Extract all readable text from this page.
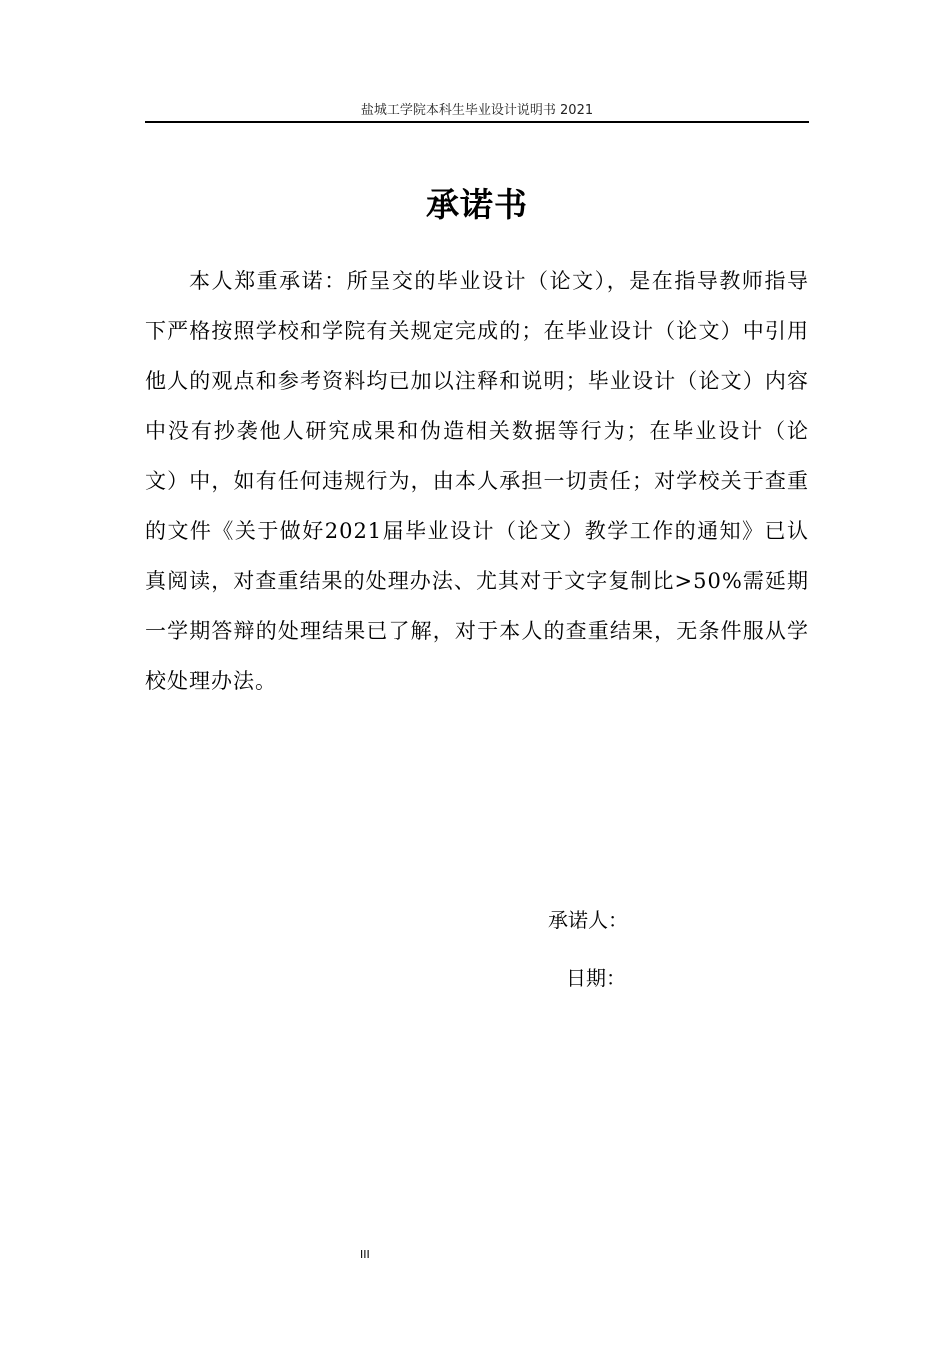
盐城工学院本科生毕业设计说明书 2021
承诺书

本人郑重承诺：所呈交的毕业设计（论文），是在指导教师指导下严格按照学校和学院有关规定完成的；在毕业设计（论文）中引用他人的观点和参考资料均已加以注释和说明；毕业设计（论文）内容中没有抄袭他人研究成果和伪造相关数据等行为；在毕业设计（论文）中，如有任何违规行为，由本人承担一切责任；对学校关于查重的文件《关于做好2021届毕业设计（论文）教学工作的通知》已认真阅读，对查重结果的处理办法、尤其对于文字复制比>50%需延期一学期答辩的处理结果已了解，对于本人的查重结果，无条件服从学校处理办法。

承诺人：
日期：
III
